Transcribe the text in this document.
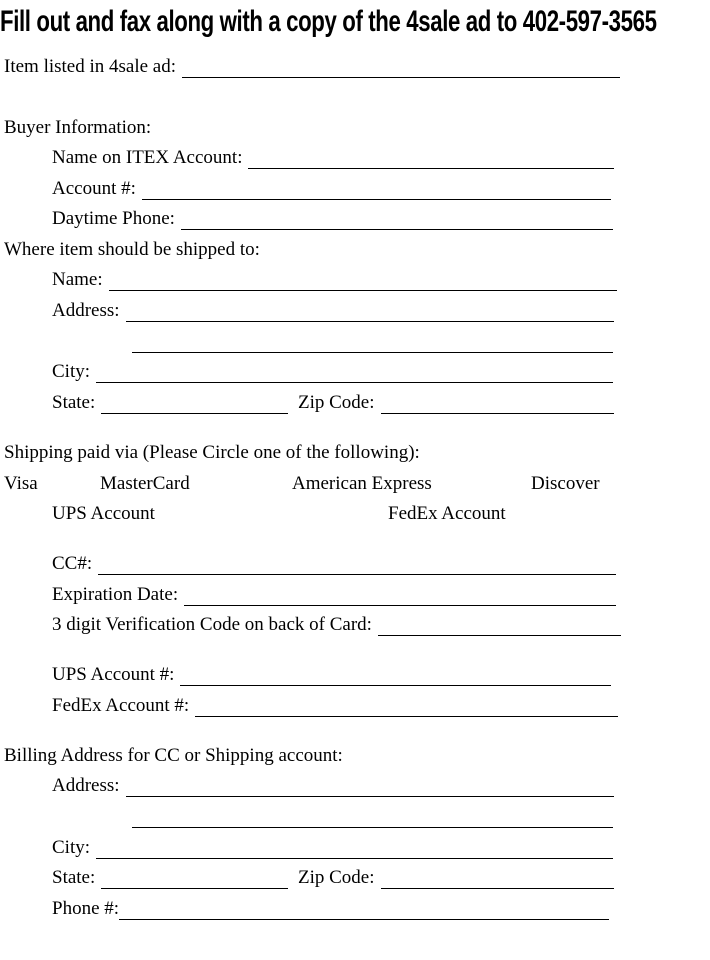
Fill out and fax along with a copy of the 4sale ad to 402-597-3565
Item listed in 4sale ad:
Buyer Information:
Name on ITEX Account:
Account #:
Daytime Phone:
Where item should be shipped to:
Name:
Address:
City:
State:	Zip Code:
Shipping paid via (Please Circle one of the following):
Visa	MasterCard	American Express	Discover
UPS Account	FedEx Account
CC#:
Expiration Date:
3 digit Verification Code on back of Card:
UPS Account #:
FedEx Account #:
Billing Address for CC or Shipping account:
Address:
City:
State:	Zip Code:
Phone #:
